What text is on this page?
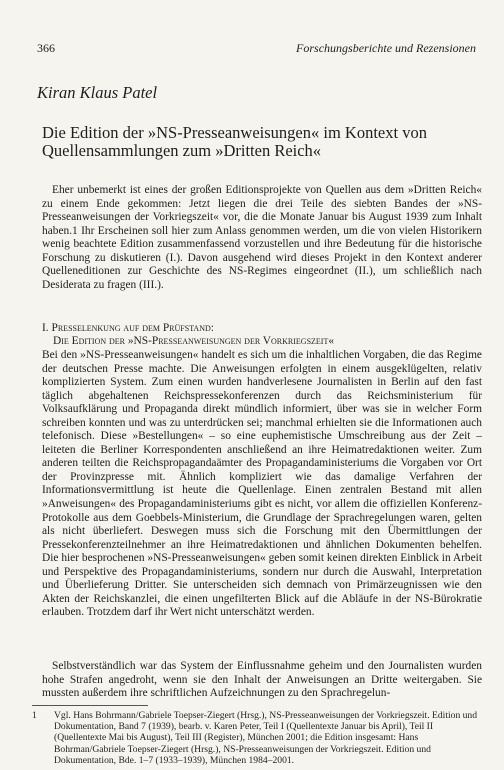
366	Forschungsberichte und Rezensionen
Kiran Klaus Patel
Die Edition der »NS-Presseanweisungen« im Kontext von Quellensammlungen zum »Dritten Reich«
Eher unbemerkt ist eines der großen Editionsprojekte von Quellen aus dem »Dritten Reich« zu einem Ende gekommen: Jetzt liegen die drei Teile des siebten Bandes der »NS-Presseanweisungen der Vorkriegszeit« vor, die die Monate Januar bis August 1939 zum Inhalt haben.1 Ihr Erscheinen soll hier zum Anlass genommen werden, um die von vielen Historikern wenig beachtete Edition zusammenfassend vorzustellen und ihre Bedeutung für die historische Forschung zu diskutieren (I.). Davon ausgehend wird dieses Projekt in den Kontext anderer Quelleneditionen zur Geschichte des NS-Regimes eingeordnet (II.), um schließlich nach Desiderata zu fragen (III.).
I. Presselenkung auf dem Prüfstand:
Die Edition der »NS-Presseanweisungen der Vorkriegszeit«
Bei den »NS-Presseanweisungen« handelt es sich um die inhaltlichen Vorgaben, die das Regime der deutschen Presse machte. Die Anweisungen erfolgten in einem ausgeklügelten, relativ komplizierten System. Zum einen wurden handverlesene Journalisten in Berlin auf den fast täglich abgehaltenen Reichspressekonferenzen durch das Reichsministerium für Volksaufklärung und Propaganda direkt mündlich informiert, über was sie in welcher Form schreiben konnten und was zu unterdrücken sei; manchmal erhielten sie die Informationen auch telefonisch. Diese »Bestellungen« – so eine euphemistische Umschreibung aus der Zeit – leiteten die Berliner Korrespondenten anschließend an ihre Heimatredaktionen weiter. Zum anderen teilten die Reichspropagandaämter des Propagandaministeriums die Vorgaben vor Ort der Provinzpresse mit. Ähnlich kompliziert wie das damalige Verfahren der Informationsvermittlung ist heute die Quellenlage. Einen zentralen Bestand mit allen »Anweisungen« des Propagandaministeriums gibt es nicht, vor allem die offiziellen Konferenz-Protokolle aus dem Goebbels-Ministerium, die Grundlage der Sprachregelungen waren, gelten als nicht überliefert. Deswegen muss sich die Forschung mit den Übermittlungen der Pressekonferenzteilnehmer an ihre Heimatredaktionen und ähnlichen Dokumenten behelfen. Die hier besprochenen »NS-Presseanweisungen« geben somit keinen direkten Einblick in Arbeit und Perspektive des Propagandaministeriums, sondern nur durch die Auswahl, Interpretation und Überlieferung Dritter. Sie unterscheiden sich demnach von Primärzeugnissen wie den Akten der Reichskanzlei, die einen ungefilterten Blick auf die Abläufe in der NS-Bürokratie erlauben. Trotzdem darf ihr Wert nicht unterschätzt werden.
Selbstverständlich war das System der Einflussnahme geheim und den Journalisten wurden hohe Strafen angedroht, wenn sie den Inhalt der Anweisungen an Dritte weitergaben. Sie mussten außerdem ihre schriftlichen Aufzeichnungen zu den Sprachregelun-
1 Vgl. Hans Bohrmann/Gabriele Toepser-Ziegert (Hrsg.), NS-Presseanweisungen der Vorkriegszeit. Edition und Dokumentation, Band 7 (1939), bearb. v. Karen Peter, Teil I (Quellentexte Januar bis April), Teil II (Quellentexte Mai bis August), Teil III (Register), München 2001; die Edition insgesamt: Hans Bohrman/Gabriele Toepser-Ziegert (Hrsg.), NS-Presseanweisungen der Vorkriegszeit. Edition und Dokumentation, Bde. 1–7 (1933–1939), München 1984–2001.
